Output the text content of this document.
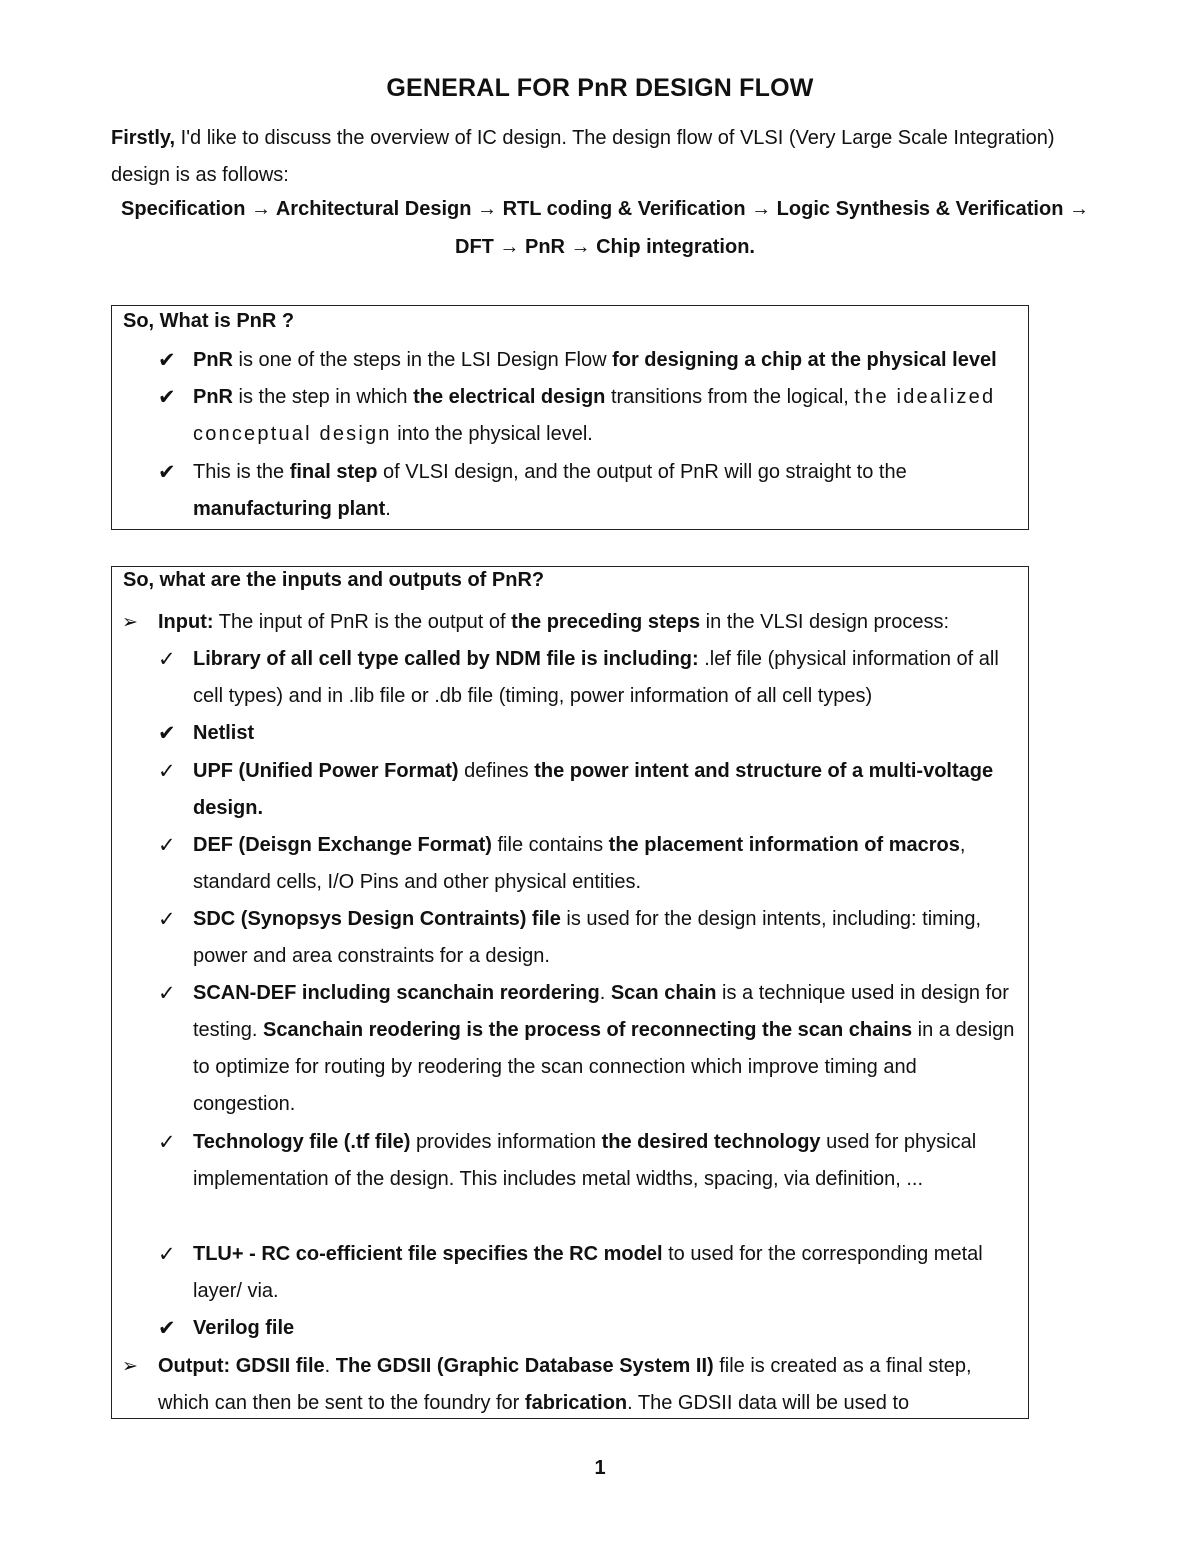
GENERAL FOR PnR DESIGN FLOW
Firstly, I'd like to discuss the overview of IC design. The design flow of VLSI (Very Large Scale Integration) design is as follows:
Specification → Architectural Design → RTL coding & Verification → Logic Synthesis & Verification →
DFT → PnR → Chip integration.
So, What is PnR ?
✔ PnR is one of the steps in the LSI Design Flow for designing a chip at the physical level
✔ PnR is the step in which the electrical design transitions from the logical, the idealized conceptual design into the physical level.
✔ This is the final step of VLSI design, and the output of PnR will go straight to the manufacturing plant.
So, what are the inputs and outputs of PnR?
➢ Input: The input of PnR is the output of the preceding steps in the VLSI design process:
✓ Library of all cell type called by NDM file is including: .lef file (physical information of all cell types) and in .lib file or .db file (timing, power information of all cell types)
✔ Netlist
✓ UPF (Unified Power Format) defines the power intent and structure of a multi-voltage design.
✓ DEF (Deisgn Exchange Format) file contains the placement information of macros, standard cells, I/O Pins and other physical entities.
✓ SDC (Synopsys Design Contraints) file is used for the design intents, including: timing, power and area constraints for a design.
✓ SCAN-DEF including scanchain reordering. Scan chain is a technique used in design for testing. Scanchain reodering is the process of reconnecting the scan chains in a design to optimize for routing by reodering the scan connection which improve timing and congestion.
✓ Technology file (.tf file) provides information the desired technology used for physical implementation of the design. This includes metal widths, spacing, via definition, ...
✓ TLU+ - RC co-efficient file specifies the RC model to used for the corresponding metal layer/ via.
✔ Verilog file
➢ Output: GDSII file. The GDSII (Graphic Database System II) file is created as a final step, which can then be sent to the foundry for fabrication. The GDSII data will be used to
1
